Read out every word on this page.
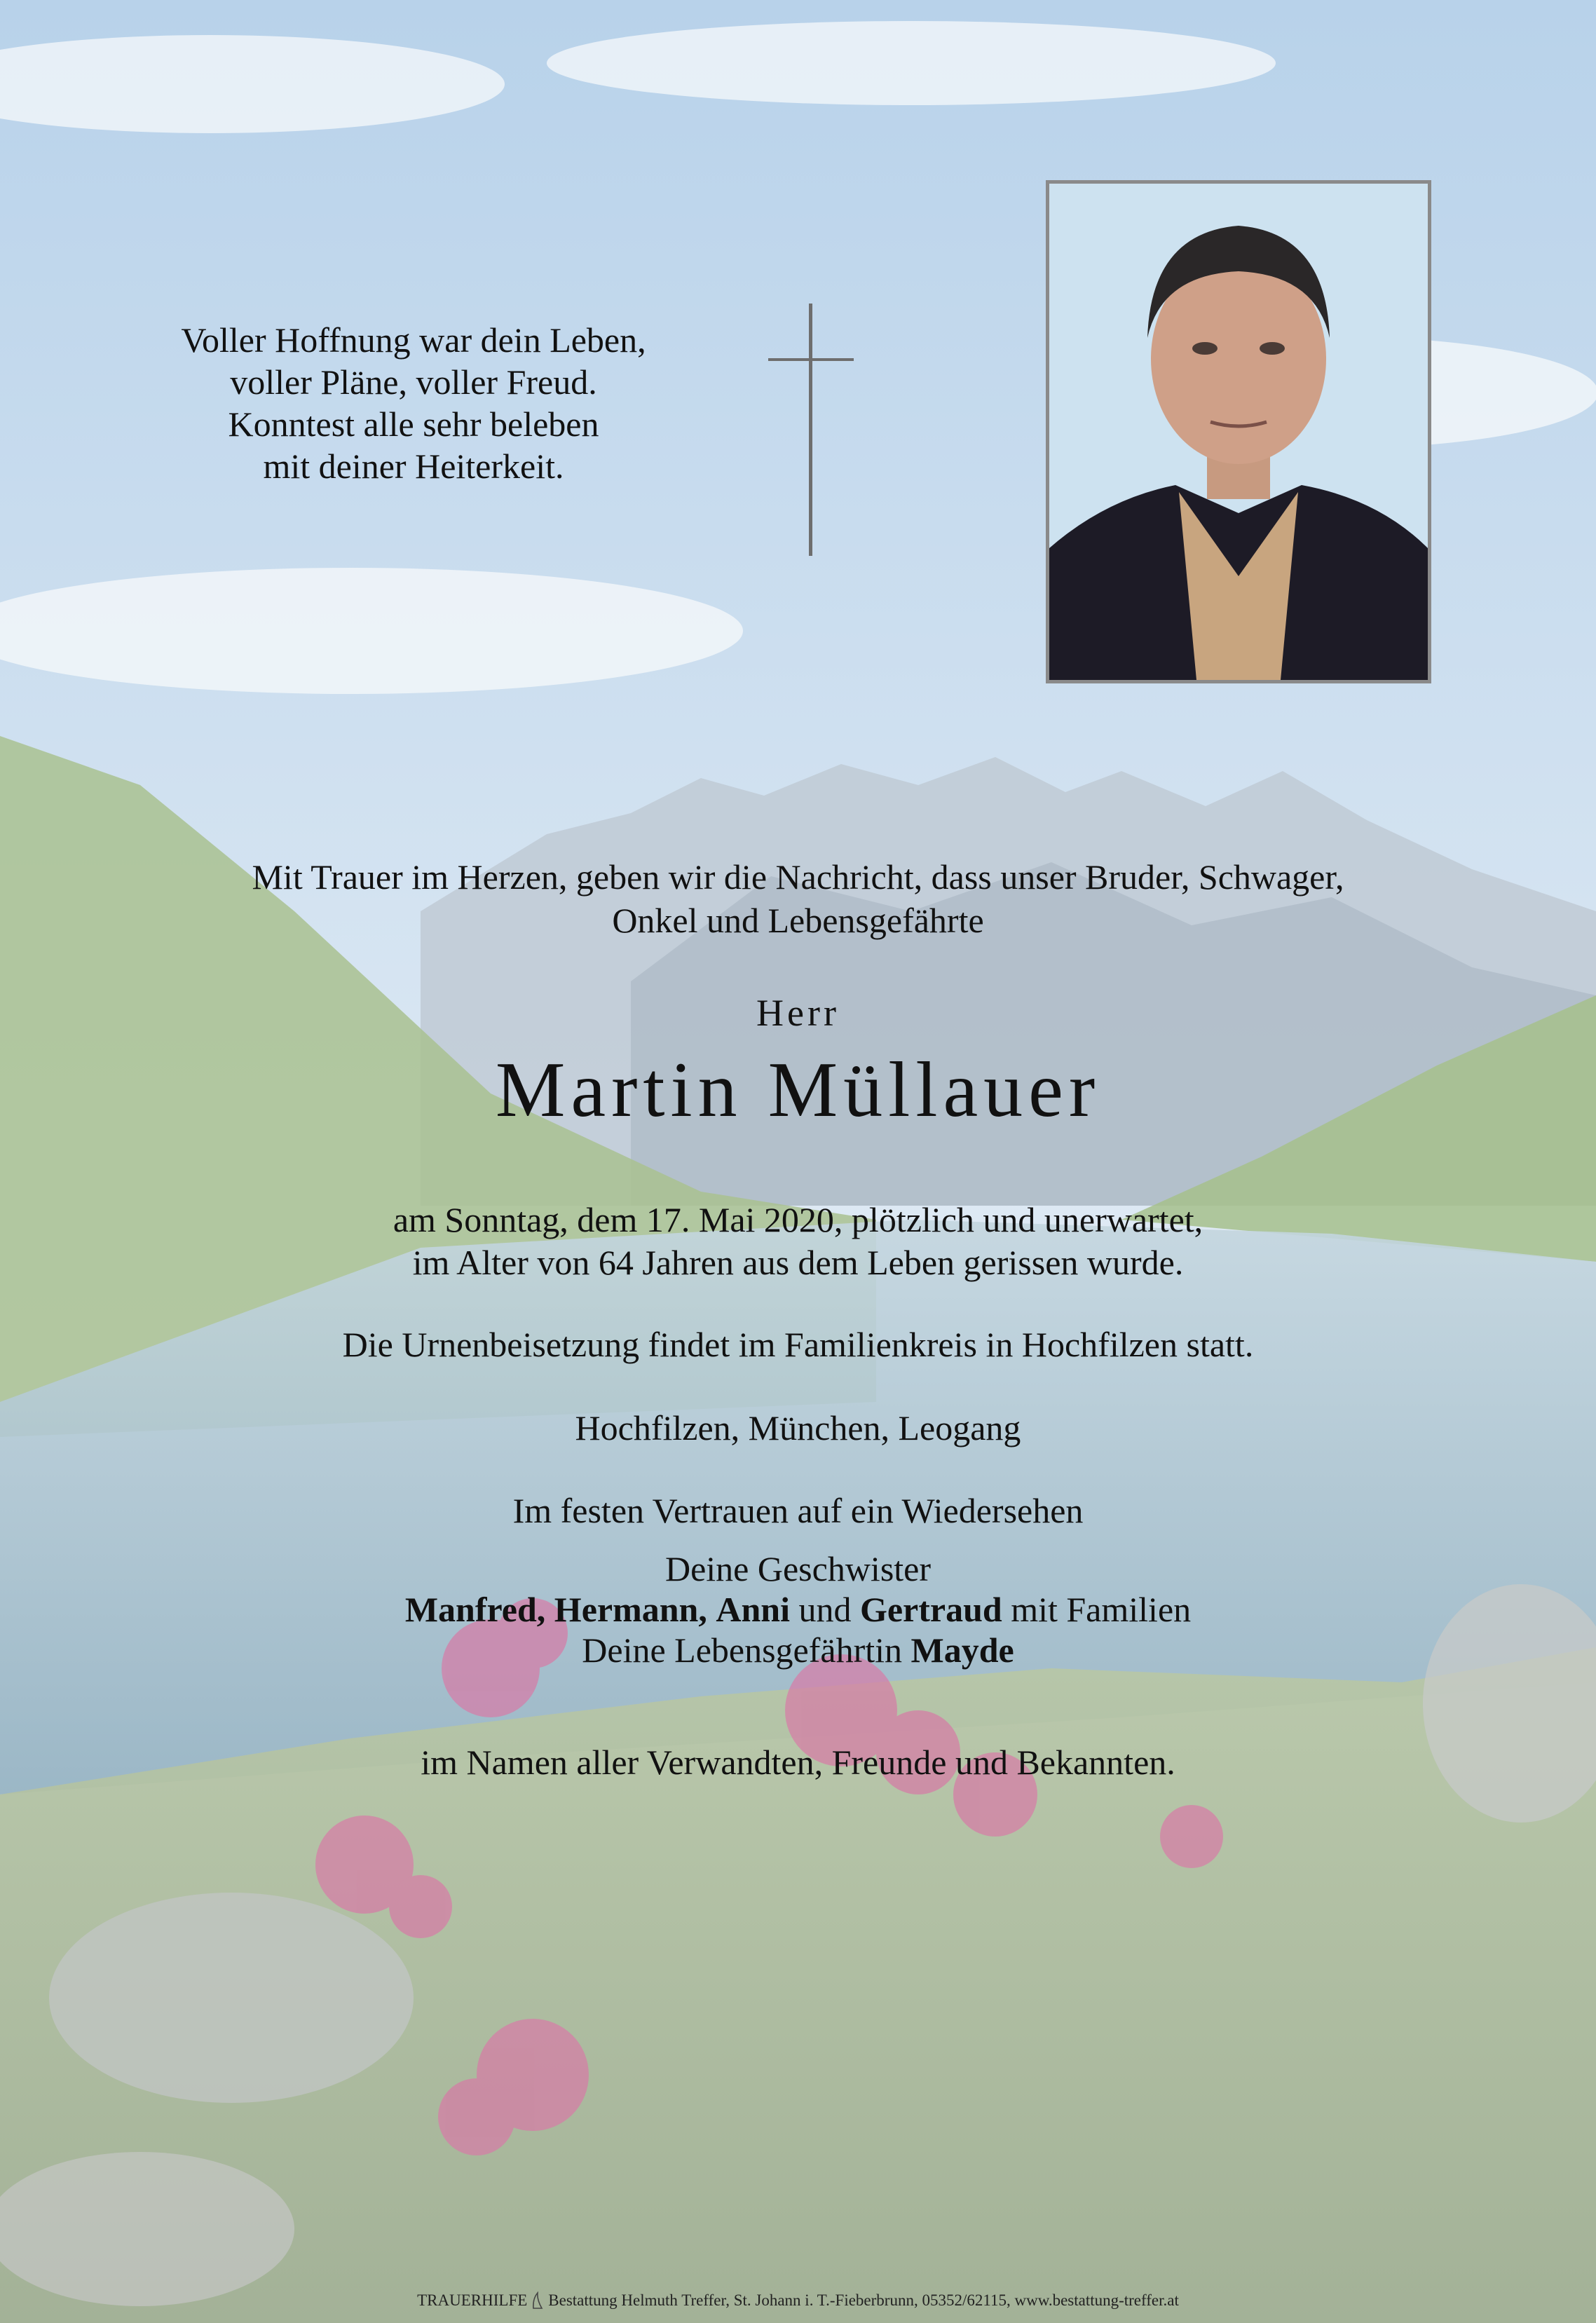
Voller Hoffnung war dein Leben,
voller Pläne, voller Freud.
Konntest alle sehr beleben
mit deiner Heiterkeit.
Mit Trauer im Herzen, geben wir die Nachricht, dass unser Bruder, Schwager,
Onkel und Lebensgefährte
Herr
Martin Müllauer
am Sonntag, dem 17. Mai 2020, plötzlich und unerwartet,
im Alter von 64 Jahren aus dem Leben gerissen wurde.
Die Urnenbeisetzung findet im Familienkreis in Hochfilzen statt.
Hochfilzen, München, Leogang
Im festen Vertrauen auf ein Wiedersehen
Deine Geschwister
Manfred, Hermann, Anni und Gertraud mit Familien
Deine Lebensgefährtin Mayde
im Namen aller Verwandten, Freunde und Bekannten.
TRAUERHILFE Bestattung Helmuth Treffer, St. Johann i. T.-Fieberbrunn, 05352/62115, www.bestattung-treffer.at
